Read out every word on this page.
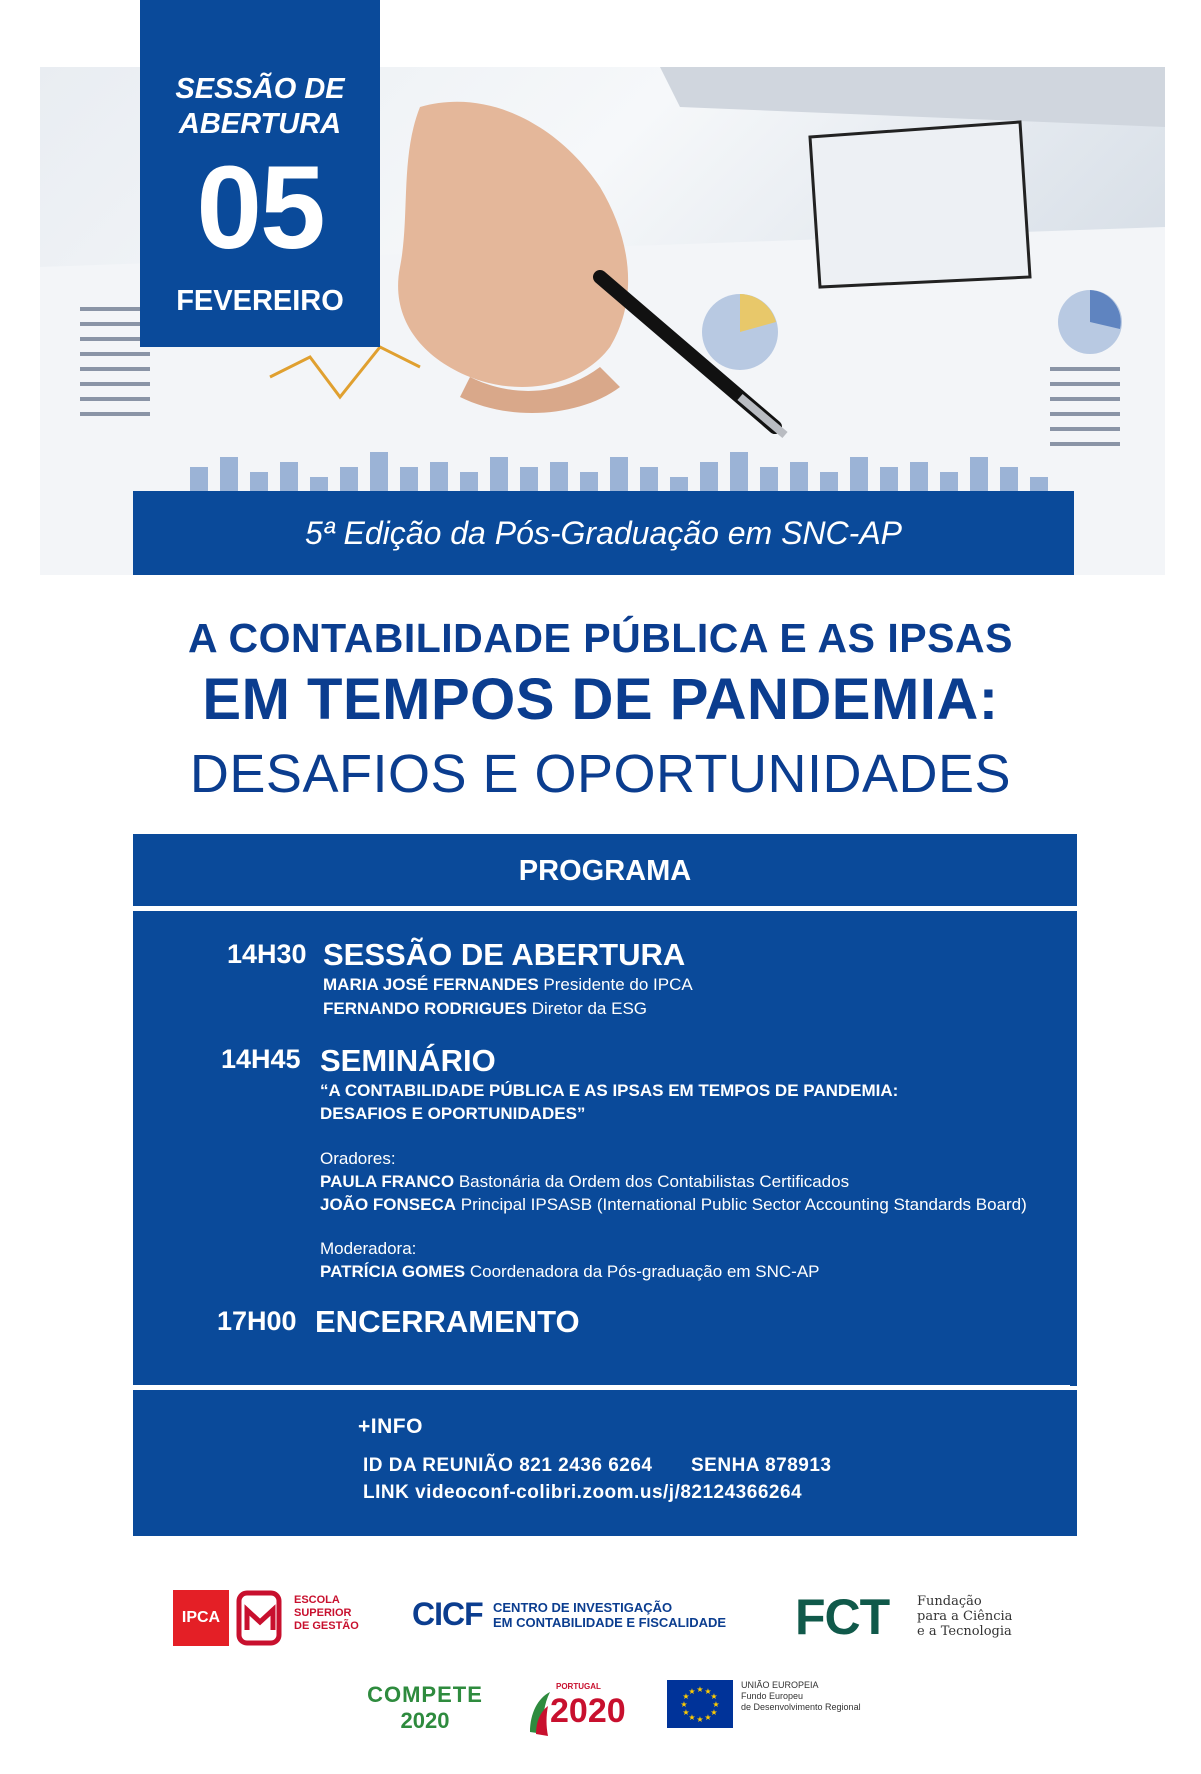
SESSÃO DE
ABERTURA
05
FEVEREIRO
5ª Edição da Pós-Graduação em SNC-AP
A CONTABILIDADE PÚBLICA E AS IPSAS
EM TEMPOS DE PANDEMIA:
DESAFIOS E OPORTUNIDADES
PROGRAMA
14H30 SESSÃO DE ABERTURA
MARIA JOSÉ FERNANDES Presidente do IPCA
FERNANDO RODRIGUES Diretor da ESG
14H45 SEMINÁRIO
“A CONTABILIDADE PÚBLICA E AS IPSAS EM TEMPOS DE PANDEMIA:
DESAFIOS E OPORTUNIDADES”
Oradores:
PAULA FRANCO Bastonária da Ordem dos Contabilistas Certificados
JOÃO FONSECA Principal IPSASB (International Public Sector Accounting Standards Board)
Moderadora:
PATRÍCIA GOMES Coordenadora da Pós-graduação em SNC-AP
17H00 ENCERRAMENTO
+INFO
ID DA REUNIÃO 821 2436 6264 SENHA 878913
LINK videoconf-colibri.zoom.us/j/82124366264
IPCA
ESCOLA
SUPERIOR
DE GESTÃO CICF CENTRO DE INVESTIGAÇÃO
EM CONTABILIDADE E FISCALIDADE FCT Fundação
para a Ciência
e a Tecnologia
COMPETE
2020
PORTUGAL
2020
★ ★
★
★
★
★
★
★
★
★
★
★
UNIÃO EUROPEIA
Fundo Europeu
de Desenvolvimento Regional
